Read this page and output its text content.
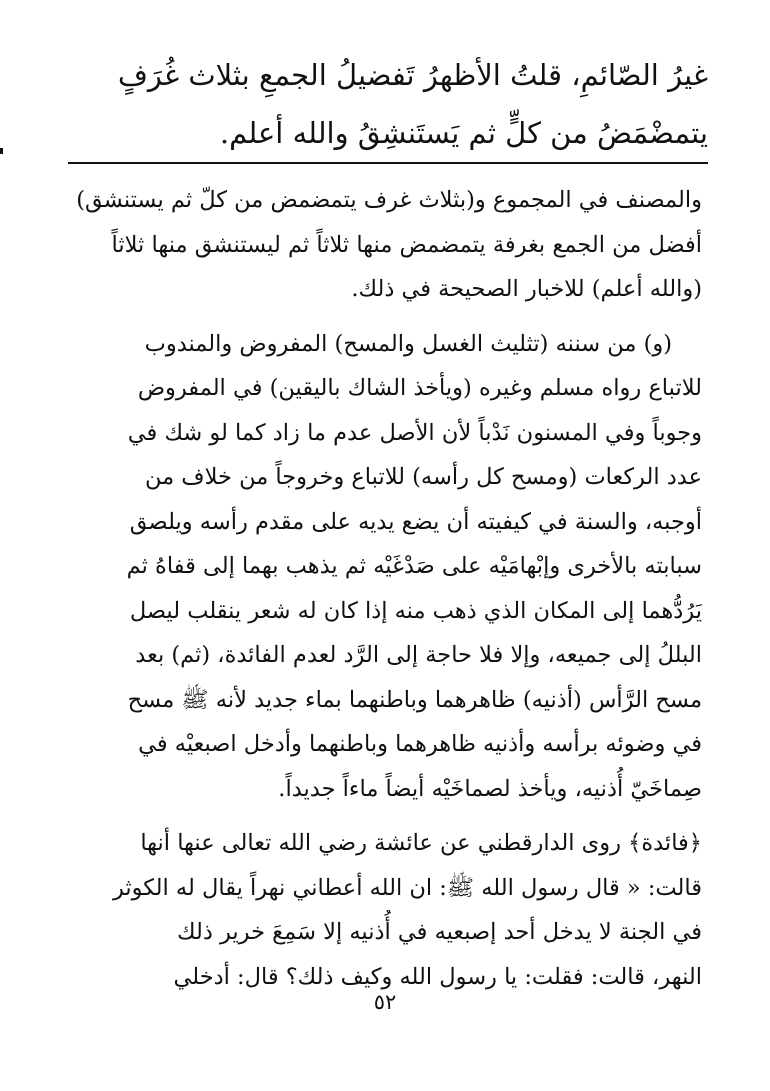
غيرُ الصّائمِ، قلتُ الأظهرُ تَفضيلُ الجمعِ بثلاث غُرَفٍ
يتمضْمَضُ من كلٍّ ثم يَستَنشِقُ والله أعلم.
والمصنف في المجموع و(بثلاث غرف يتمضمض من كلّ ثم يستنشق)
أفضل من الجمع بغرفة يتمضمض منها ثلاثاً ثم ليستنشق منها ثلاثاً
(والله أعلم) للاخبار الصحيحة في ذلك.
(و) من سننه (تثليث الغسل والمسح) المفروض والمندوب
للاتباع رواه مسلم وغيره (ويأخذ الشاك باليقين) في المفروض
وجوباً وفي المسنون نَدْباً لأن الأصل عدم ما زاد كما لو شك في
عدد الركعات (ومسح كل رأسه) للاتباع وخروجاً من خلاف من
أوجبه، والسنة في كيفيته أن يضع يديه على مقدم رأسه ويلصق
سبابته بالأخرى وإبْهامَيْه على صَدْغَيْه ثم يذهب بهما إلى قفاهُ ثم
يَرُدُّهما إلى المكان الذي ذهب منه إذا كان له شعر ينقلب ليصل
البللُ إلى جميعه، وإلا فلا حاجة إلى الرَّد لعدم الفائدة، (ثم) بعد
مسح الرَّأس (أذنيه) ظاهرهما وباطنهما بماء جديد لأنه ﷺ مسح
في وضوئه برأسه وأذنيه ظاهرهما وباطنهما وأدخل اصبعيْه في
صِماخَيّ أُذنيه، ويأخذ لصماخَيْه أيضاً ماءاً جديداً.
﴿فائدة﴾ روى الدارقطني عن عائشة رضي الله تعالى عنها أنها
قالت: « قال رسول الله ﷺ: ان الله أعطاني نهراً يقال له الكوثر
في الجنة لا يدخل أحد إصبعيه في أُذنيه إلا سَمِعَ خرير ذلك
النهر، قالت: فقلت: يا رسول الله وكيف ذلك؟ قال: أدخلي
٥٢
